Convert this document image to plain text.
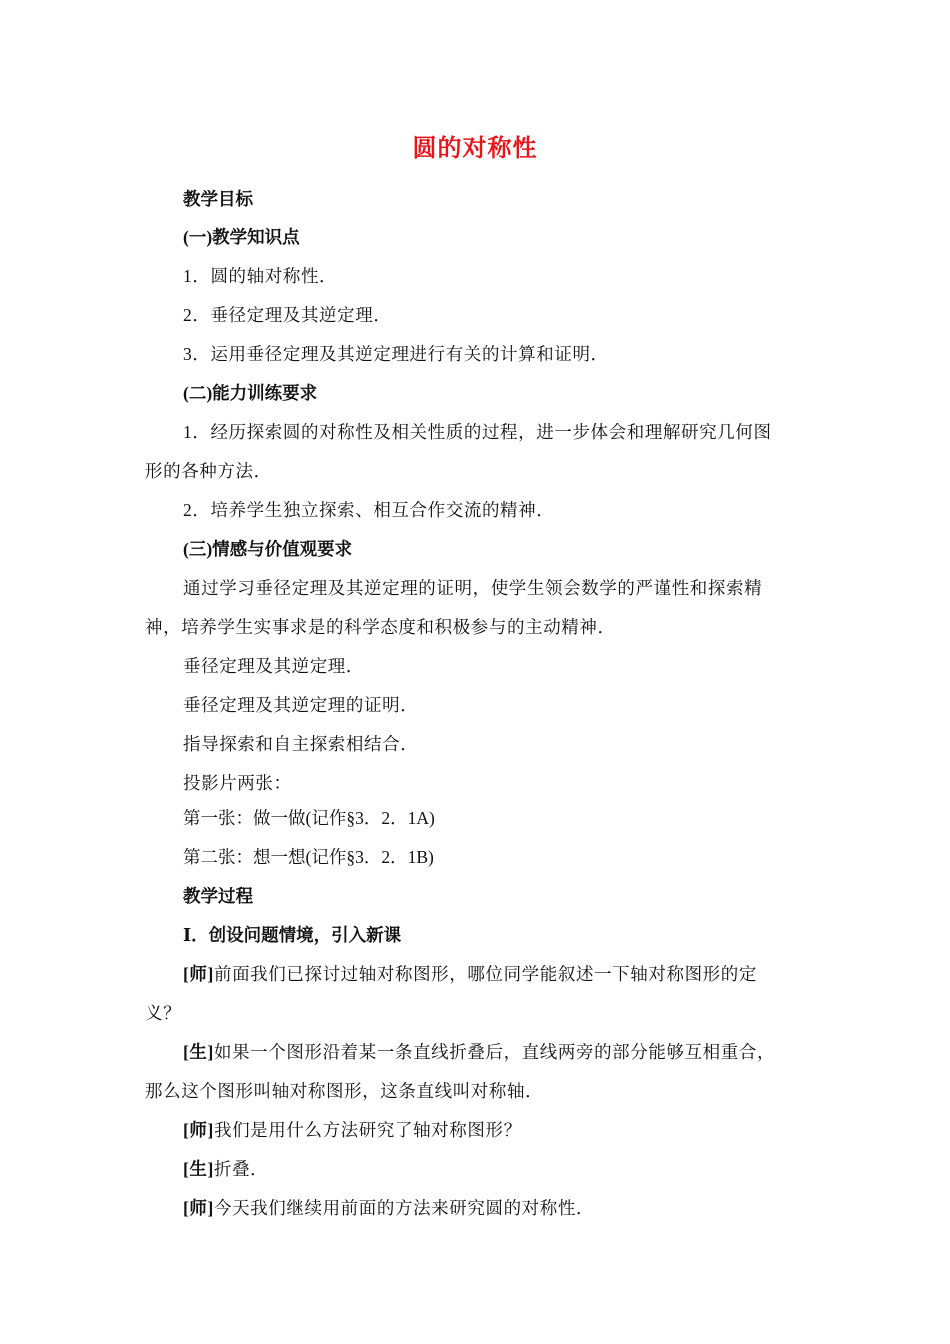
圆的对称性
教学目标
(一)教学知识点
1．圆的轴对称性．
2．垂径定理及其逆定理．
3．运用垂径定理及其逆定理进行有关的计算和证明．
(二)能力训练要求
1．经历探索圆的对称性及相关性质的过程，进一步体会和理解研究几何图
形的各种方法．
2．培养学生独立探索、相互合作交流的精神．
(三)情感与价值观要求
通过学习垂径定理及其逆定理的证明，使学生领会数学的严谨性和探索精
神，培养学生实事求是的科学态度和积极参与的主动精神．
垂径定理及其逆定理．
垂径定理及其逆定理的证明．
指导探索和自主探索相结合．
投影片两张：
第一张：做一做(记作§3．2．1A)
第二张：想一想(记作§3．2．1B)
教学过程
Ⅰ．创设问题情境，引入新课
[师]前面我们已探讨过轴对称图形，哪位同学能叙述一下轴对称图形的定
义？
[生]如果一个图形沿着某一条直线折叠后，直线两旁的部分能够互相重合，
那么这个图形叫轴对称图形，这条直线叫对称轴．
[师]我们是用什么方法研究了轴对称图形？
[生]折叠．
[师]今天我们继续用前面的方法来研究圆的对称性．
